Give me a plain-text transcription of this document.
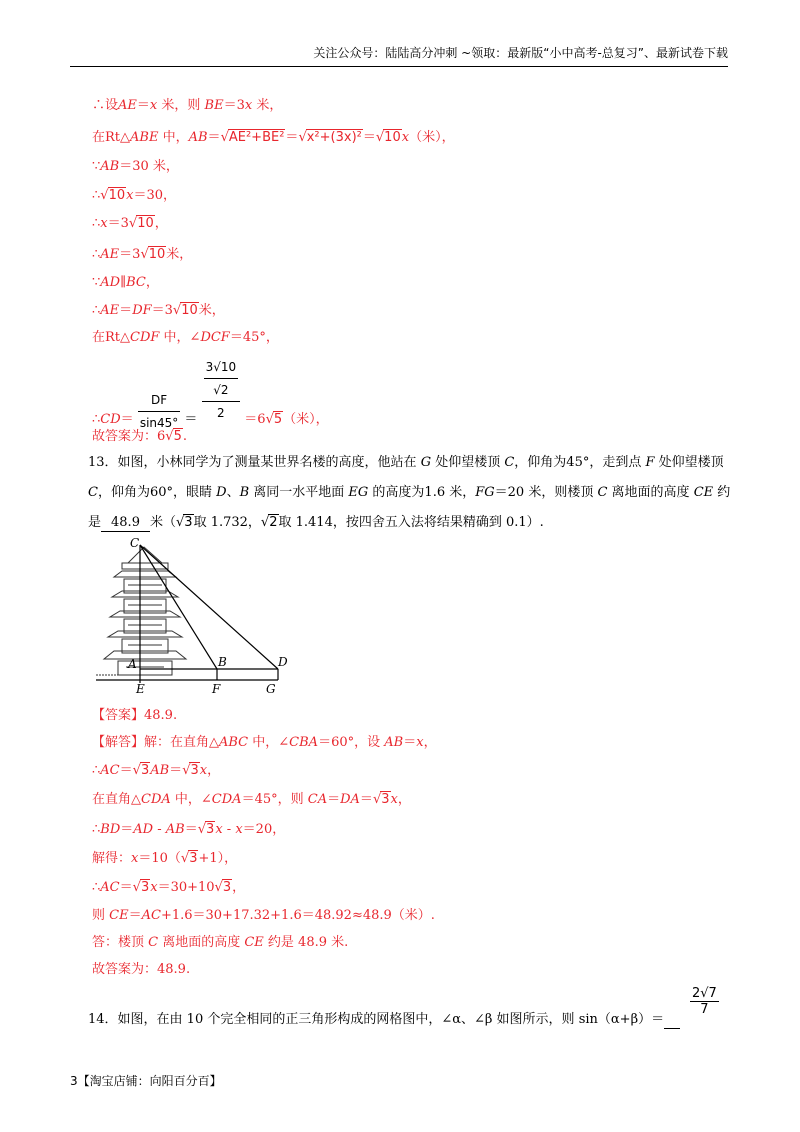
关注公众号：陆陆高分冲刺 ~领取：最新版“小中高考-总复习”、最新试卷下载
∴设AE＝x 米，则 BE＝3x 米，
在Rt△ABE 中，AB＝√AE²+BE²＝√x²+(3x)²＝√10x（米），
∵AB＝30 米，
∴√10x＝30，
∴x＝3√10，
∴AE＝3√10米，
∵AD∥BC，
∴AE＝DF＝3√10米，
在Rt△CDF 中，∠DCF＝45°，
∴CD＝ $\frac{DF}{\sin 45^\circ} = \frac{\frac{3√10}{√2}}{2} =6√5$（米），
故答案为：6√5.
13．如图，小林同学为了测量某世界名楼的高度，他站在 G 处仰望楼顶 C，仰角为45°，走到点 F 处仰望楼顶 C，仰角为60°，眼睛 D、B 离同一水平地面 EG 的高度为1.6 米，FG＝20 米，则楼顶 C 离地面的高度 CE 约是 48.9 米（√3取 1.732，√2取 1.414，按四舍五入法将结果精确到 0.1）.
C
A	B	D
E	F	G
【答案】48.9.
【解答】解：在直角△ABC 中，∠CBA＝60°，设 AB＝x，
∴AC＝√3AB＝√3x，
在直角△CDA 中，∠CDA＝45°，则 CA＝DA＝√3x，
∴BD＝AD - AB＝√3x - x＝20，
解得：x＝10（√3+1），
∴AC＝√3x＝30+10√3，
则 CE＝AC+1.6＝30+17.32+1.6＝48.92≈48.9（米）.
答：楼顶 C 离地面的高度 CE 约是 48.9 米.
故答案为：48.9.
14．如图，在由 10 个完全相同的正三角形构成的网格图中，∠α、∠β 如图所示，则 sin（α+β）＝
$\frac{2√7}{7}$
3【淘宝店铺：向阳百分百】
